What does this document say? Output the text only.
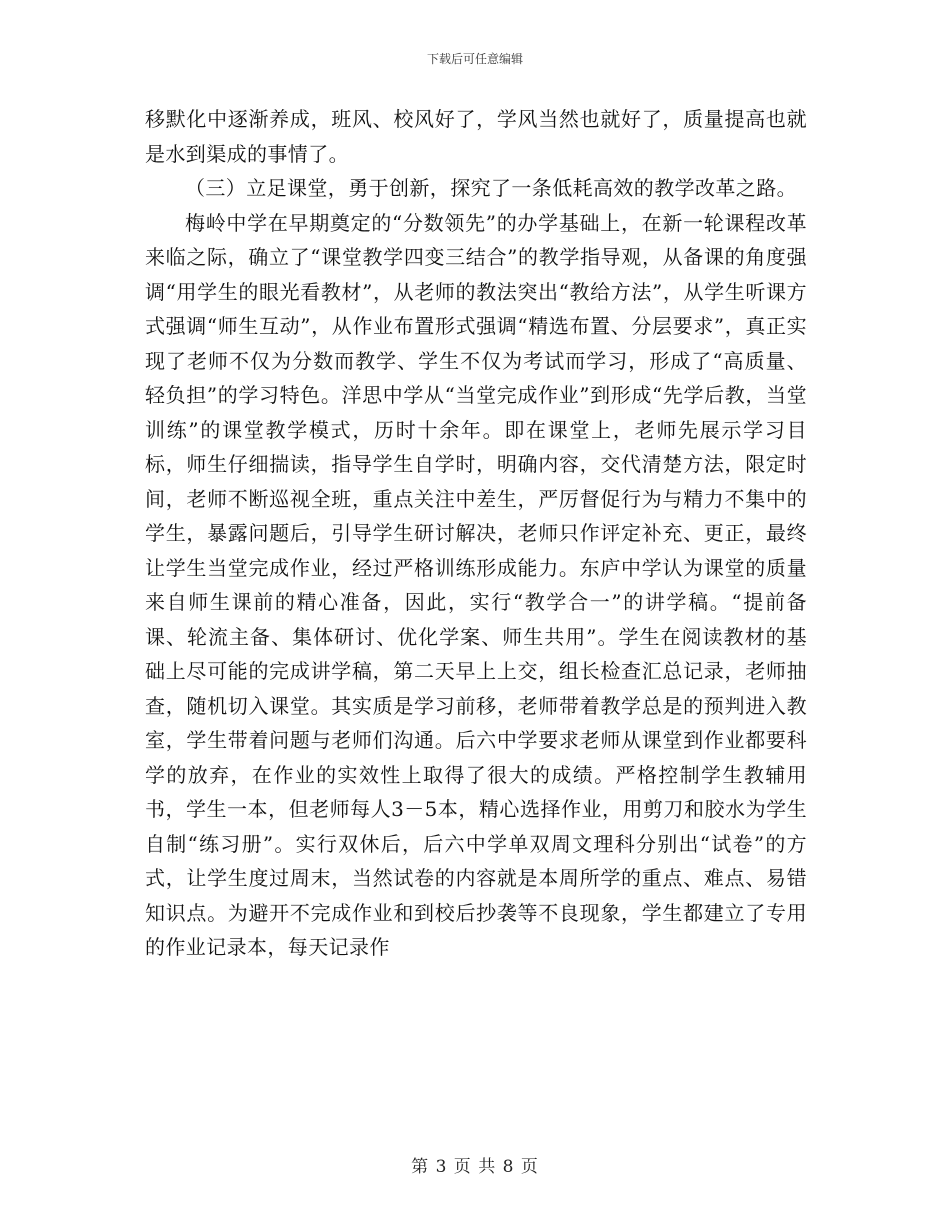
下载后可任意编辑

移默化中逐渐养成，班风、校风好了，学风当然也就好了，质量提高也就是水到渠成的事情了。

（三）立足课堂，勇于创新，探究了一条低耗高效的教学改革之路。

梅岭中学在早期奠定的“分数领先”的办学基础上，在新一轮课程改革来临之际，确立了“课堂教学四变三结合”的教学指导观，从备课的角度强调“用学生的眼光看教材”，从老师的教法突出“教给方法”，从学生听课方式强调“师生互动”，从作业布置形式强调“精选布置、分层要求”，真正实现了老师不仅为分数而教学、学生不仅为考试而学习，形成了“高质量、轻负担”的学习特色。洋思中学从“当堂完成作业”到形成“先学后教，当堂训练”的课堂教学模式，历时十余年。即在课堂上，老师先展示学习目标，师生仔细揣读，指导学生自学时，明确内容，交代清楚方法，限定时间，老师不断巡视全班，重点关注中差生，严厉督促行为与精力不集中的学生，暴露问题后，引导学生研讨解决，老师只作评定补充、更正，最终让学生当堂完成作业，经过严格训练形成能力。东庐中学认为课堂的质量来自师生课前的精心准备，因此，实行“教学合一”的讲学稿。“提前备课、轮流主备、集体研讨、优化学案、师生共用”。学生在阅读教材的基础上尽可能的完成讲学稿，第二天早上上交，组长检查汇总记录，老师抽查，随机切入课堂。其实质是学习前移，老师带着教学总是的预判进入教室，学生带着问题与老师们沟通。后六中学要求老师从课堂到作业都要科学的放弃，在作业的实效性上取得了很大的成绩。严格控制学生教辅用书，学生一本，但老师每人3－5本，精心选择作业，用剪刀和胶水为学生自制“练习册”。实行双休后，后六中学单双周文理科分别出“试卷”的方式，让学生度过周末，当然试卷的内容就是本周所学的重点、难点、易错知识点。为避开不完成作业和到校后抄袭等不良现象，学生都建立了专用的作业记录本，每天记录作

第 3 页 共 8 页
